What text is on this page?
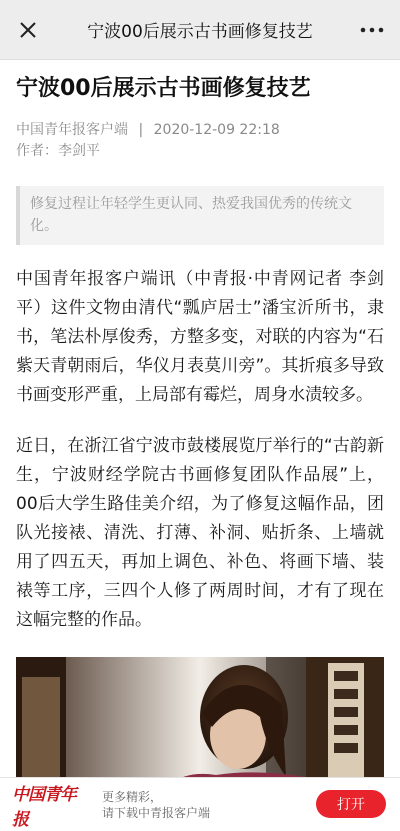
宁波00后展示古书画修复技艺
宁波00后展示古书画修复技艺
中国青年报客户端 | 2020-12-09 22:18
作者：李剑平
修复过程让年轻学生更认同、热爱我国优秀的传统文化。

中国青年报客户端讯（中青报·中青网记者 李剑平）这件文物由清代“瓢庐居士”潘宝沂所书，隶书，笔法朴厚俊秀，方整多变，对联的内容为“石紫天青朝雨后，华仪月表莫川旁”。其折痕多导致书画变形严重，上局部有霉烂，周身水渍较多。

近日，在浙江省宁波市鼓楼展览厅举行的“古韵新生，宁波财经学院古书画修复团队作品展”上，00后大学生路佳美介绍，为了修复这幅作品，团队光接裱、清洗、打薄、补洞、贴折条、上墙就用了四五天，再加上调色、补色、将画下墙、装裱等工序，三四个人修了两周时间，才有了现在这幅完整的作品。

中国青年报
更多精彩，
请下载中青报客户端
打开
